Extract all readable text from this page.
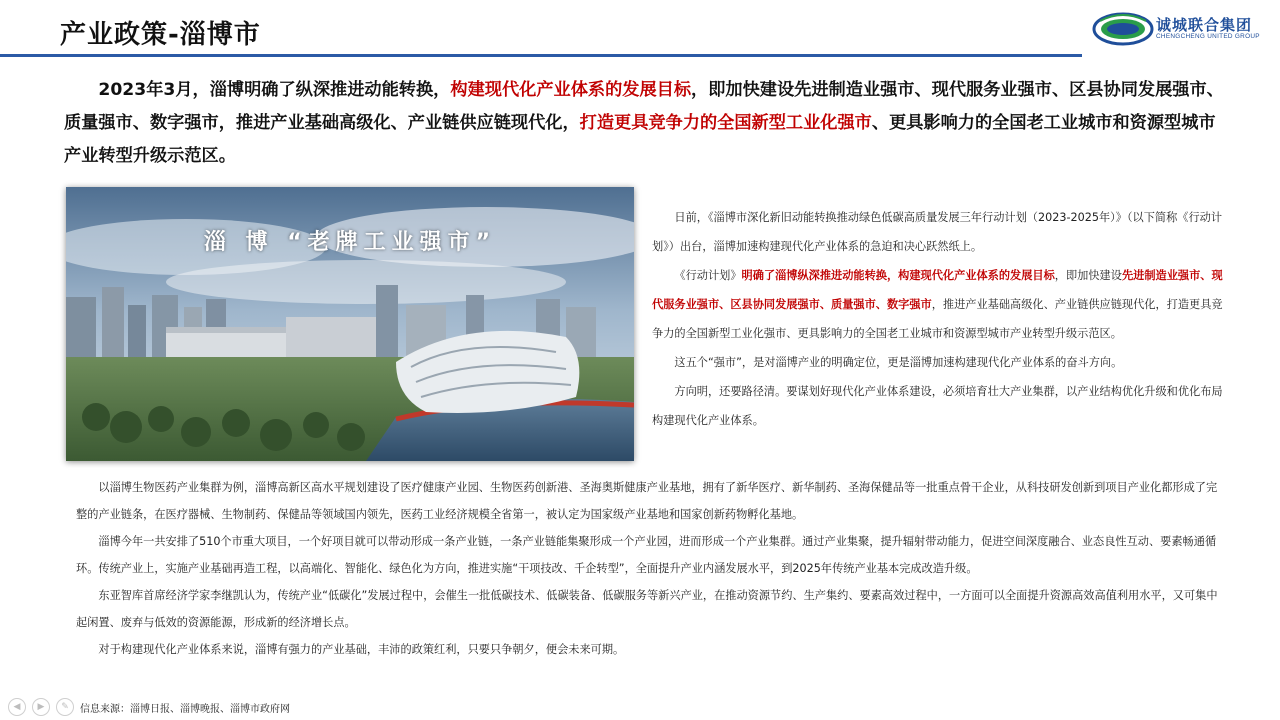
产业政策-淄博市	诚城联合集团
CHENGCHENG UNITED GROUP
2023年3月，淄博明确了纵深推进动能转换，构建现代化产业体系的发展目标，即加快建设先进制造业强市、现代服务业强市、区县协同发展强市、质量强市、数字强市，推进产业基础高级化、产业链供应链现代化，打造更具竞争力的全国新型工业化强市、更具影响力的全国老工业城市和资源型城市产业转型升级示范区。
淄 博 “老牌工业强市”

日前，《淄博市深化新旧动能转换推动绿色低碳高质量发展三年行动计划（2023-2025年）》（以下简称《行动计划》）出台，淄博加速构建现代化产业体系的急迫和决心跃然纸上。

《行动计划》明确了淄博纵深推进动能转换，构建现代化产业体系的发展目标，即加快建设先进制造业强市、现代服务业强市、区县协同发展强市、质量强市、数字强市，推进产业基础高级化、产业链供应链现代化，打造更具竞争力的全国新型工业化强市、更具影响力的全国老工业城市和资源型城市产业转型升级示范区。

这五个“强市”，是对淄博产业的明确定位，更是淄博加速构建现代化产业体系的奋斗方向。

方向明，还要路径清。要谋划好现代化产业体系建设，必须培育壮大产业集群，以产业结构优化升级和优化布局构建现代化产业体系。

以淄博生物医药产业集群为例，淄博高新区高水平规划建设了医疗健康产业园、生物医药创新港、圣海奥斯健康产业基地，拥有了新华医疗、新华制药、圣海保健品等一批重点骨干企业，从科技研发创新到项目产业化都形成了完整的产业链条，在医疗器械、生物制药、保健品等领域国内领先，医药工业经济规模全省第一，被认定为国家级产业基地和国家创新药物孵化基地。

淄博今年一共安排了510个市重大项目，一个好项目就可以带动形成一条产业链，一条产业链能集聚形成一个产业园，进而形成一个产业集群。通过产业集聚，提升辐射带动能力，促进空间深度融合、业态良性互动、要素畅通循环。传统产业上，实施产业基础再造工程，以高端化、智能化、绿色化为方向，推进实施“干项技改、千企转型”，全面提升产业内涵发展水平，到2025年传统产业基本完成改造升级。

东亚智库首席经济学家李继凯认为，传统产业“低碳化”发展过程中，会催生一批低碳技术、低碳装备、低碳服务等新兴产业，在推动资源节约、生产集约、要素高效过程中，一方面可以全面提升资源高效高值利用水平，又可集中起闲置、废弃与低效的资源能源，形成新的经济增长点。

对于构建现代化产业体系来说，淄博有强力的产业基础，丰沛的政策红利，只要只争朝夕，便会未来可期。

◀	▶	✎	信息来源：淄博日报、淄博晚报、淄博市政府网
